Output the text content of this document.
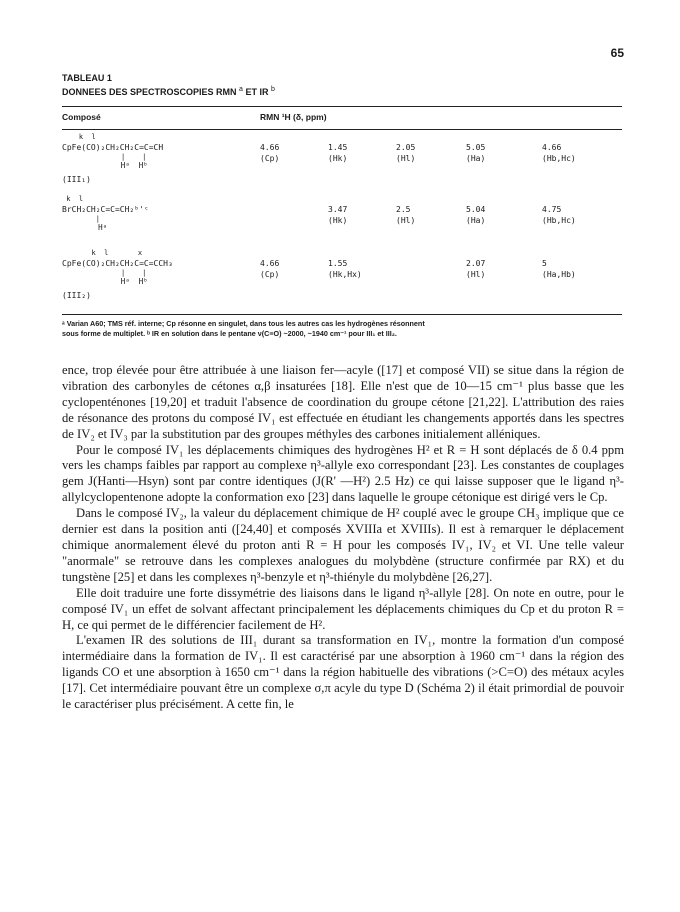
65
TABLEAU 1
DONNEES DES SPECTROSCOPIES RMN $^a$ ET IR $^b$
Composé	RMN ¹H (δ, ppm)
k  l
CpFe(CO)₂CH₂CH₂C=C=CH
|    |
Hᵃ  Hᵇ
(III₁)
4.66
(Cp)
1.45
(Hk)
2.05
(Hl)
5.05
(Ha)
4.66
(Hb,Hc)
k  l
BrCH₂CH₂C=C=CH₂ᵇ'ᶜ
|
Hᵃ
3.47
(Hk)
2.5
(Hl)
5.04
(Ha)
4.75
(Hb,Hc)
k  l       x
CpFe(CO)₂CH₂CH₂C=C=CCH₃
|    |
Hᵃ  Hᵇ
(III₂)
4.66
(Cp)
1.55
(Hk,Hx)
2.07
(Hl)
5
(Ha,Hb)
ᵃ Varian A60; TMS réf. interne; Cp résonne en singulet, dans tous les autres cas les hydrogènes résonnent
sous forme de multiplet. ᵇ IR en solution dans le pentane ν(C≡O) ~2000, ~1940 cm⁻¹ pour III₁ et III₂.

ence, trop élevée pour être attribuée à une liaison fer—acyle ([17] et composé VII) se situe dans la région de vibration des carbonyles de cétones α,β insaturées [18]. Elle n'est que de 10—15 cm⁻¹ plus basse que les cyclopenténones [19,20] et traduit l'absence de coordination du groupe cétone [21,22]. L'attribution des raies de résonance des protons du composé IV₁ est effectuée en étudiant les changements apportés dans les spectres de IV₂ et IV₃ par la substitution par des groupes méthyles des carbones initialement alléniques.

Pour le composé IV₁ les déplacements chimiques des hydrogènes H² et R = H sont déplacés de δ 0.4 ppm vers les champs faibles par rapport au complexe η³-allyle exo correspondant [23]. Les constantes de couplages gem J(Hanti—Hsyn) sont par contre identiques (J(R' —H²) 2.5 Hz) ce qui laisse supposer que le ligand η³-allylcyclopentenone adopte la conformation exo [23] dans laquelle le groupe cétonique est dirigé vers le Cp.

Dans le composé IV₂, la valeur du déplacement chimique de H² couplé avec le groupe CH₃ implique que ce dernier est dans la position anti ([24,40] et composés XVIIIa et XVIIIs). Il est à remarquer le déplacement chimique anormalement élevé du proton anti R = H pour les composés IV₁, IV₂ et VI. Une telle valeur "anormale" se retrouve dans les complexes analogues du molybdène (structure confirmée par RX) et du tungstène [25] et dans les complexes η³-benzyle et η³-thiényle du molybdène [26,27].

Elle doit traduire une forte dissymétrie des liaisons dans le ligand η³-allyle [28]. On note en outre, pour le composé IV₁ un effet de solvant affectant principalement les déplacements chimiques du Cp et du proton R = H, ce qui permet de le différencier facilement de H².

L'examen IR des solutions de III₁ durant sa transformation en IV₁, montre la formation d'un composé intermédiaire dans la formation de IV₁. Il est caractérisé par une absorption à 1960 cm⁻¹ dans la région des ligands CO et une absorption à 1650 cm⁻¹ dans la région habituelle des vibrations (>C=O) des métaux acyles [17]. Cet intermédiaire pouvant être un complexe σ,π acyle du type D (Schéma 2) il était primordial de pouvoir le caractériser plus précisément. A cette fin, le
